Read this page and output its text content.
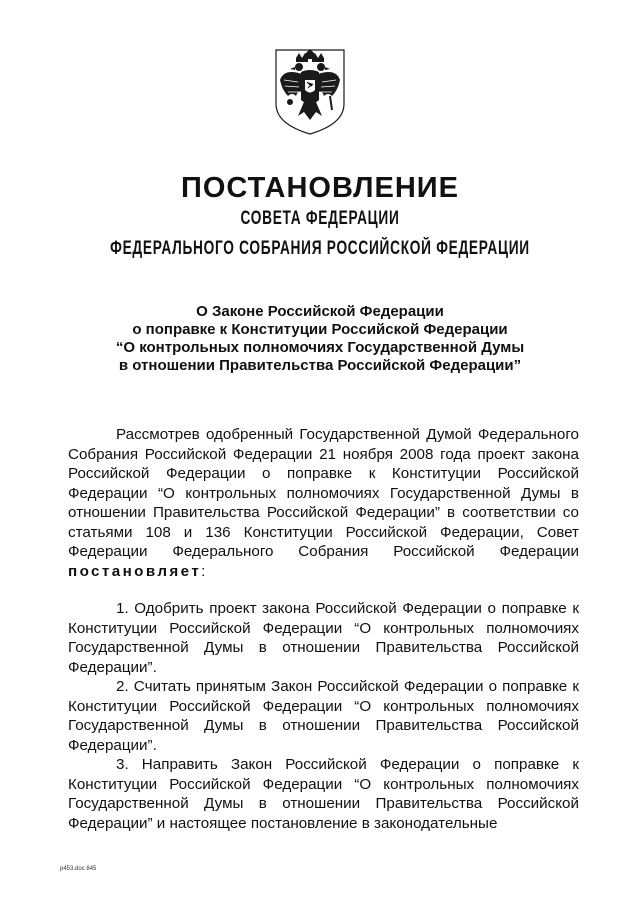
ПОСТАНОВЛЕНИЕ
СОВЕТА ФЕДЕРАЦИИ
ФЕДЕРАЛЬНОГО СОБРАНИЯ РОССИЙСКОЙ ФЕДЕРАЦИИ
О Законе Российской Федерации
о поправке к Конституции Российской Федерации
“О контрольных полномочиях Государственной Думы
в отношении Правительства Российской Федерации”

Рассмотрев одобренный Государственной Думой Федерального Собрания Российской Федерации 21 ноября 2008 года проект закона Российской Федерации о поправке к Конституции Российской Федерации “О контрольных полномочиях Государственной Думы в отношении Правительства Российской Федерации” в соответствии со статьями 108 и 136 Конституции Российской Федерации, Совет Федерации Федерального Собрания Российской Федерации постановляет:

1. Одобрить проект закона Российской Федерации о поправке к Конституции Российской Федерации “О контрольных полномочиях Государственной Думы в отношении Правительства Российской Федерации”.

2. Считать принятым Закон Российской Федерации о поправке к Конституции Российской Федерации “О контрольных полномочиях Государственной Думы в отношении Правительства Российской Федерации”.

3. Направить Закон Российской Федерации о поправке к Конституции Российской Федерации “О контрольных полномочиях Государственной Думы в отношении Правительства Российской Федерации” и настоящее постановление в законодательные

p453.doc 845
